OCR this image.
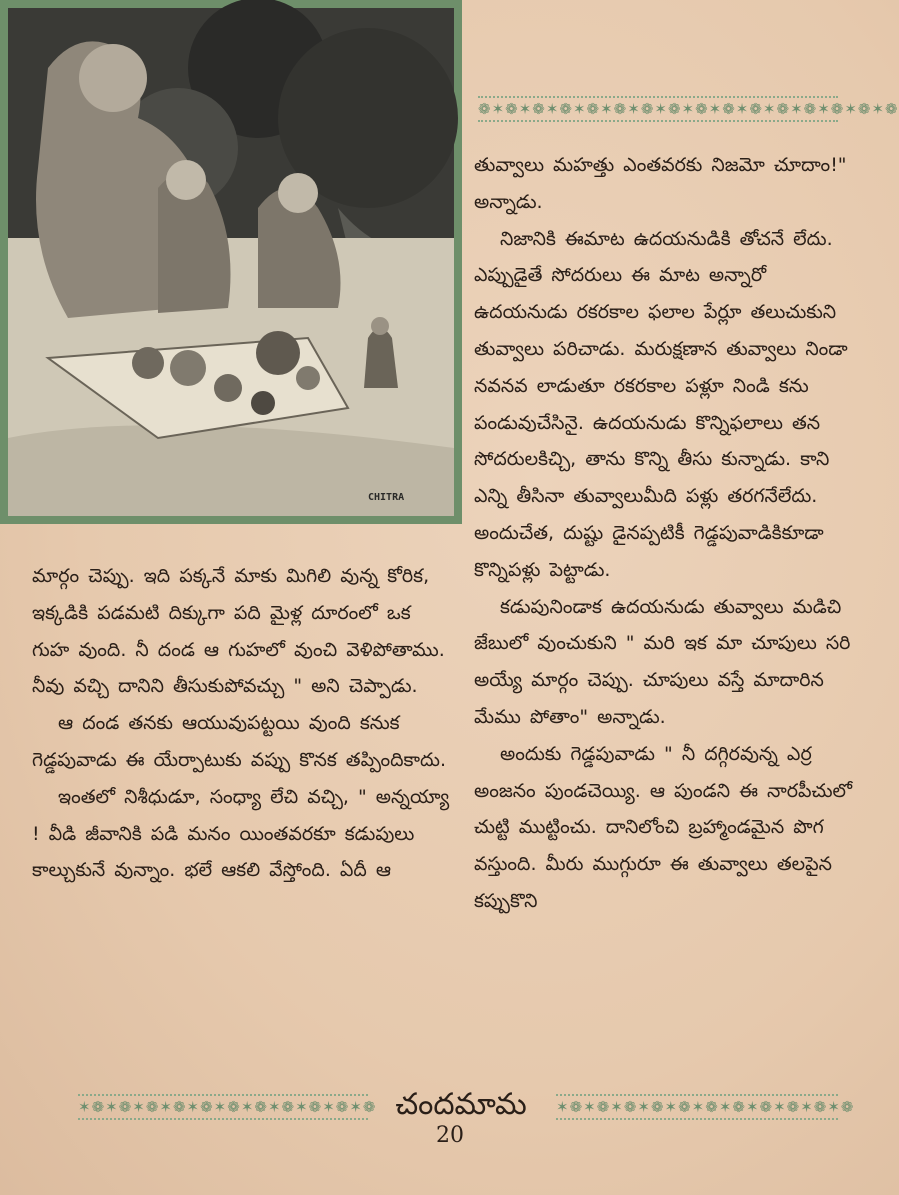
CHITRA
❁✶❁✶❁✶❁✶❁✶❁✶❁✶❁✶❁✶❁✶❁✶❁✶❁✶❁✶❁✶❁

తువ్వాలు మహత్తు ఎంతవరకు నిజమో చూదాం!" అన్నాడు.

నిజానికి ఈమాట ఉదయనుడికి తోచనే లేదు. ఎప్పుడైతే సోదరులు ఈ మాట అన్నారో ఉదయనుడు రకరకాల ఫలాల పేర్లూ తలుచుకుని తువ్వాలు పరిచాడు. మరుక్షణాన తువ్వాలు నిండా నవనవ లాడుతూ రకరకాల పళ్లూ నిండి కను పండువుచేసినై. ఉదయనుడు కొన్నిఫలాలు తన సోదరులకిచ్చి, తాను కొన్ని తీసు కున్నాడు. కాని ఎన్ని తీసినా తువ్వాలుమీది పళ్లు తరగనేలేదు. అందుచేత, దుష్టు డైనప్పటికీ గెడ్డపువాడికికూడా కొన్నిపళ్లు పెట్టాడు.

కడుపునిండాక ఉదయనుడు తువ్వాలు మడిచి జేబులో వుంచుకుని " మరి ఇక మా చూపులు సరి అయ్యే మార్గం చెప్పు. చూపులు వస్తే మాదారిన మేము పోతాం" అన్నాడు.

అందుకు గెడ్డపువాడు " నీ దగ్గిరవున్న ఎర్ర అంజనం పుండచెయ్యి. ఆ పుండని ఈ నారపీచులో చుట్టి ముట్టించు. దానిలోంచి బ్రహ్మాండమైన పొగ వస్తుంది. మీరు ముగ్గురూ ఈ తువ్వాలు తలపైన కప్పుకొని

మార్గం చెప్పు. ఇది పక్కనే మాకు మిగిలి వున్న కోరిక, ఇక్కడికి పడమటి దిక్కుగా పది మైళ్ల దూరంలో ఒక గుహ వుంది. నీ దండ ఆ గుహలో వుంచి వెళిపోతాము. నీవు వచ్చి దానిని తీసుకుపోవచ్చు " అని చెప్పాడు.

ఆ దండ తనకు ఆయువుపట్టయి వుంది కనుక గెడ్డపువాడు ఈ యేర్పాటుకు వప్పు కొనక తప్పిందికాదు.

ఇంతలో నిశీధుడూ, సంధ్యా లేచి వచ్చి, " అన్నయ్యా ! వీడి జీవానికి పడి మనం యింతవరకూ కడుపులు కాల్చుకునే వున్నాం. భలే ఆకలి వేస్తోంది. ఏదీ ఆ

✶❁✶❁✶❁✶❁✶❁✶❁✶❁✶❁✶❁✶❁✶❁ చందమామ	✶❁✶❁✶❁✶❁✶❁✶❁✶❁✶❁✶❁✶❁✶❁
20
